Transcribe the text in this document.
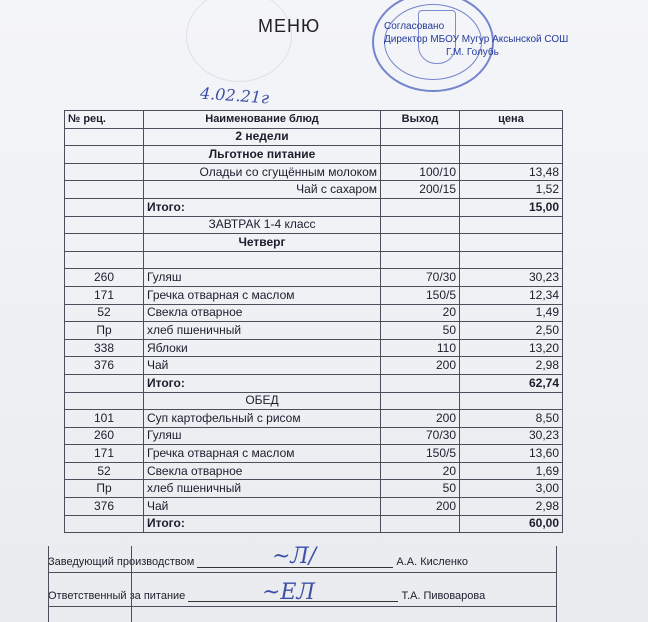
МЕНЮ	Согласовано
Директор МБОУ Мугур Аксынской СОШ
Г.М. Голубь
4.02.21г
№ рец.	Наименование блюд	Выход	цена
	2 недели		
	Льготное питание		
	Оладьи со сгущённым молоком	100/10	13,48
	Чай с сахаром	200/15	1,52
	Итого:		15,00
	ЗАВТРАК 1-4 класс		
	Четверг		

260	Гуляш	70/30	30,23
171	Гречка отварная с маслом	150/5	12,34
52	Свекла отварное	20	1,49
Пр	хлеб пшеничный	50	2,50
338	Яблоки	110	13,20
376	Чай	200	2,98
	Итого:		62,74
	ОБЕД		
101	Суп картофельный с рисом	200	8,50
260	Гуляш	70/30	30,23
171	Гречка отварная с маслом	150/5	13,60
52	Свекла отварное	20	1,69
Пр	хлеб пшеничный	50	3,00
376	Чай	200	2,98
	Итого:		60,00
Заведующий производством	А.А. Кисленко
~Л/
Ответственный за питание	Т.А. Пивоварова
~ЕЛ
